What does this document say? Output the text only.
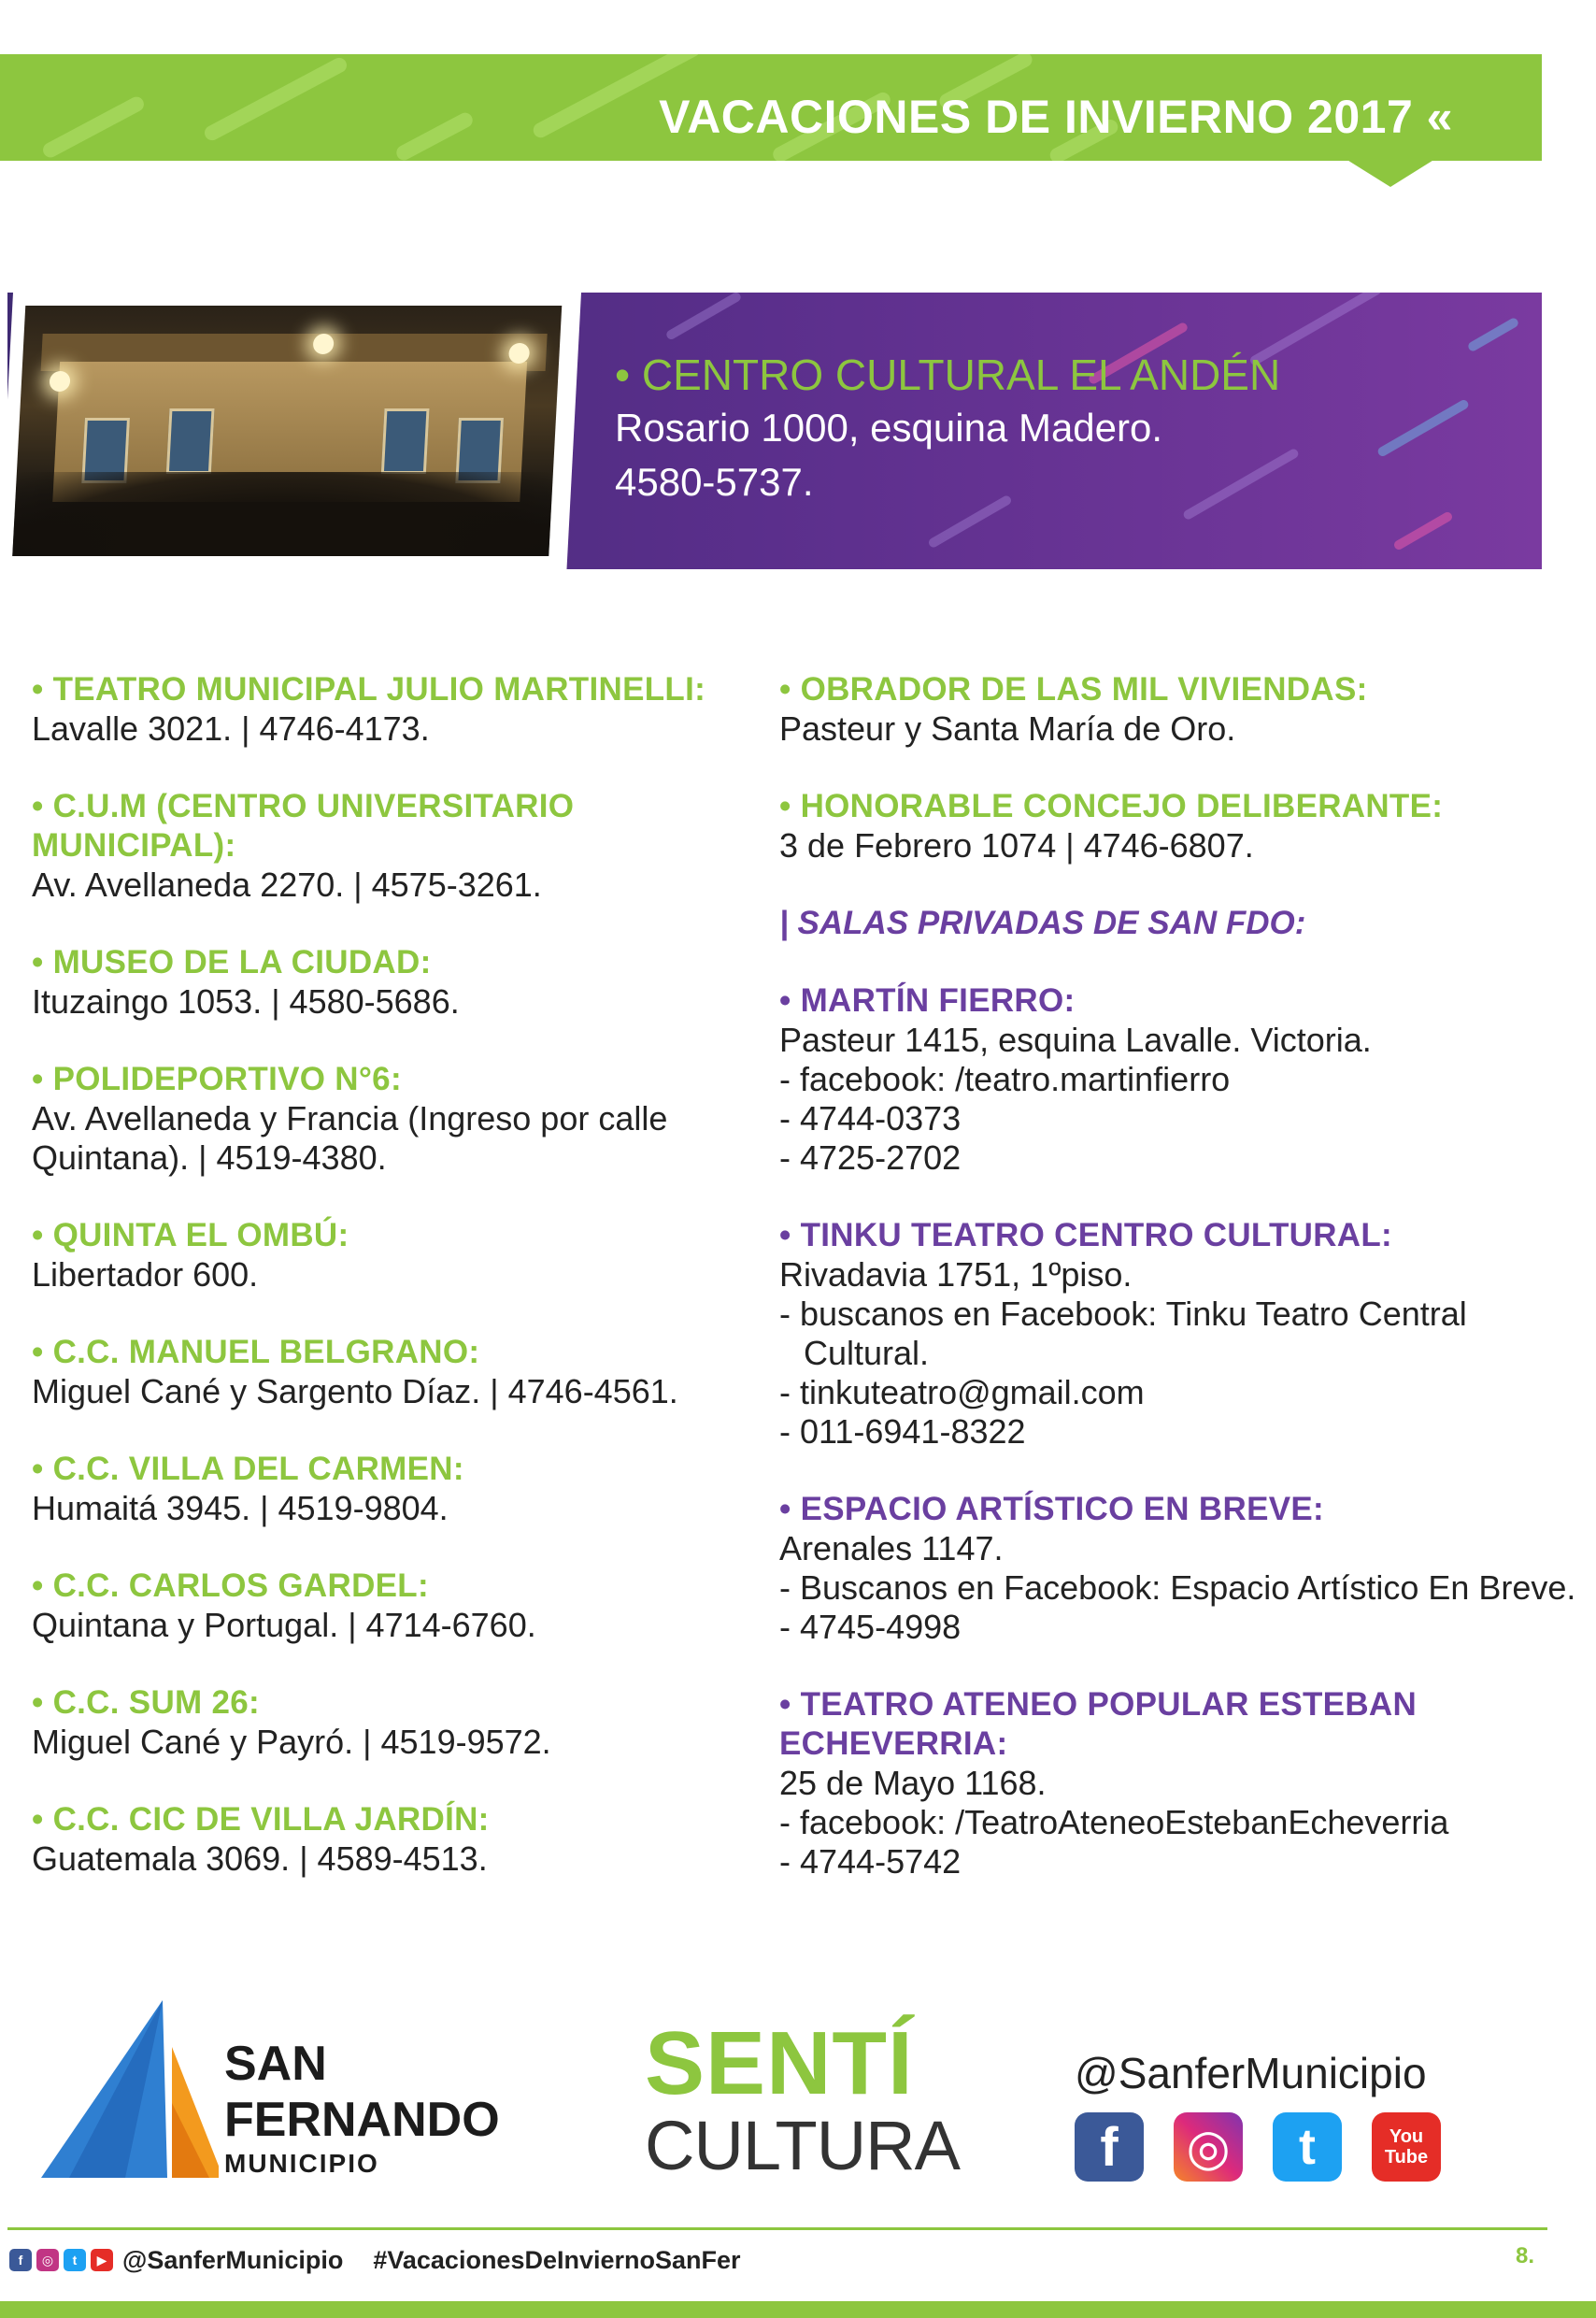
VACACIONES DE INVIERNO 2017 «
• CENTRO CULTURAL EL ANDÉN
Rosario 1000, esquina Madero.
4580-5737.
• TEATRO MUNICIPAL JULIO MARTINELLI:
Lavalle 3021. | 4746-4173.
• C.U.M (CENTRO UNIVERSITARIO MUNICIPAL):
Av. Avellaneda 2270. | 4575-3261.
• MUSEO DE LA CIUDAD:
Ituzaingo 1053. | 4580-5686.
• POLIDEPORTIVO N°6:
Av. Avellaneda y Francia (Ingreso por calle Quintana). | 4519-4380.
• QUINTA EL OMBÚ:
Libertador 600.
• C.C. MANUEL BELGRANO:
Miguel Cané y Sargento Díaz. | 4746-4561.
• C.C. VILLA DEL CARMEN:
Humaitá 3945. | 4519-9804.
• C.C. CARLOS GARDEL:
Quintana y Portugal. | 4714-6760.
• C.C. SUM 26:
Miguel Cané y Payró. | 4519-9572.
• C.C. CIC DE VILLA JARDÍN:
Guatemala 3069. | 4589-4513.
• OBRADOR DE LAS MIL VIVIENDAS:
Pasteur y Santa María de Oro.
• HONORABLE CONCEJO DELIBERANTE:
3 de Febrero 1074 | 4746-6807.
| SALAS PRIVADAS DE SAN FDO:
• MARTÍN FIERRO:
Pasteur 1415, esquina Lavalle. Victoria.
- facebook: /teatro.martinfierro
- 4744-0373
- 4725-2702
• TINKU TEATRO CENTRO CULTURAL:
Rivadavia 1751, 1ºpiso.
- buscanos en Facebook: Tinku Teatro Central Cultural.
- tinkuteatro@gmail.com
- 011-6941-8322
• ESPACIO ARTÍSTICO EN BREVE:
Arenales 1147.
- Buscanos en Facebook: Espacio Artístico En Breve.
- 4745-4998
• TEATRO ATENEO POPULAR ESTEBAN ECHEVERRIA:
25 de Mayo 1168.
- facebook: /TeatroAteneoEstebanEcheverria
- 4744-5742
SAN
FERNANDO
MUNICIPIO
SENTÍ
CULTURA
@SanferMunicipio
f ◎ t	You Tube
f	◎	t	▶ @SanferMunicipio #VacacionesDeInviernoSanFer	8.
